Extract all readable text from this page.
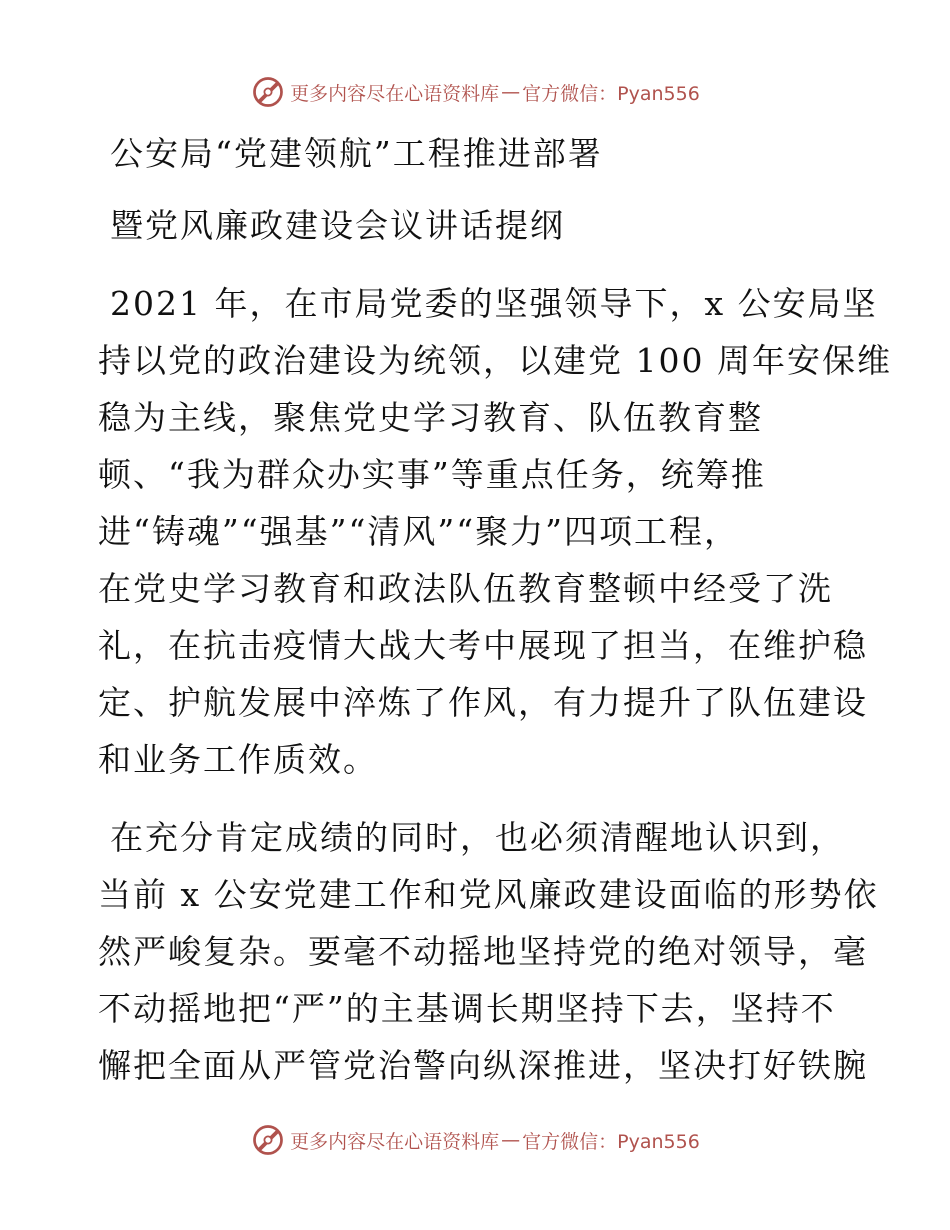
更多内容尽在心语资料库 — 官方微信：Pyan556
公安局“党建领航”工程推进部署
暨党风廉政建设会议讲话提纲
2021 年，在市局党委的坚强领导下，x 公安局坚
持以党的政治建设为统领，以建党 100 周年安保维
稳为主线，聚焦党史学习教育、队伍教育整
顿、“我为群众办实事”等重点任务，统筹推
进“铸魂”“强基”“清风”“聚力”四项工程，
在党史学习教育和政法队伍教育整顿中经受了洗
礼，在抗击疫情大战大考中展现了担当，在维护稳
定、护航发展中淬炼了作风，有力提升了队伍建设
和业务工作质效。
在充分肯定成绩的同时，也必须清醒地认识到，
当前 x 公安党建工作和党风廉政建设面临的形势依
然严峻复杂。要毫不动摇地坚持党的绝对领导，毫
不动摇地把“严”的主基调长期坚持下去，坚持不
懈把全面从严管党治警向纵深推进，坚决打好铁腕
更多内容尽在心语资料库 — 官方微信：Pyan556
